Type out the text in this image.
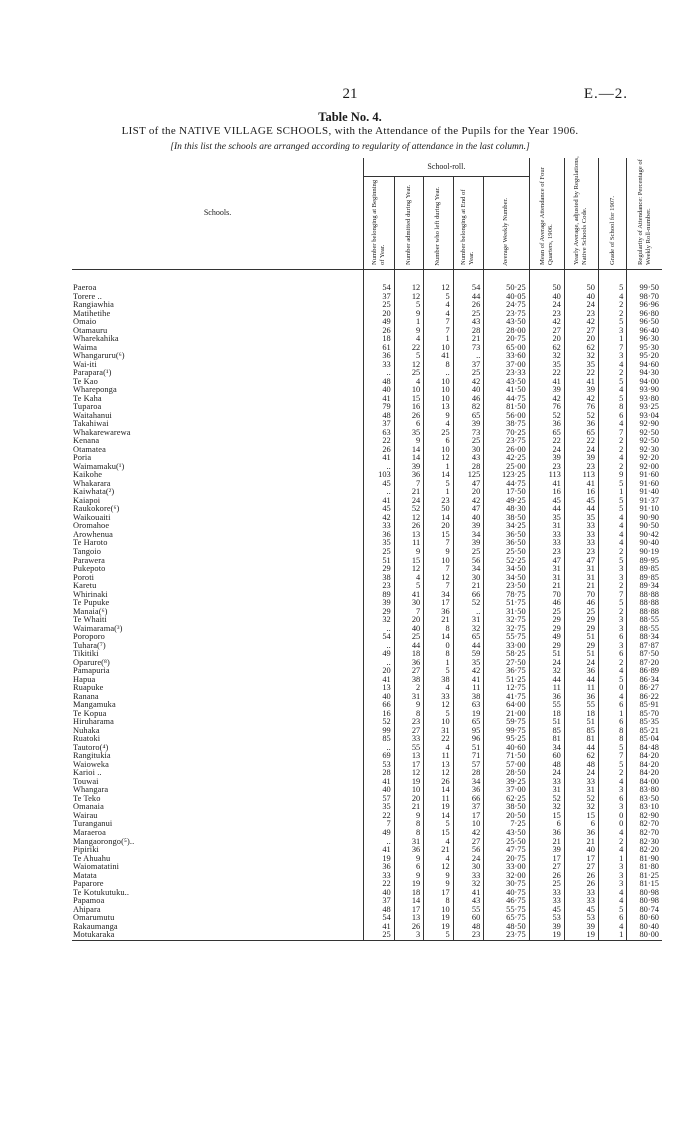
21	E.—2.
Table No. 4.
LIST of the NATIVE VILLAGE SCHOOLS, with the Attendance of the Pupils for the Year 1906.
[In this list the schools are arranged according to regularity of attendance in the last column.]
Schools.	School-roll.					Mean of Average Attendance of Four Quarters, 1906.	Yearly Average, adjusted by Regulations, Native Schools Code.	Grade of School for 1907.	Regularity of Attendance: Percentage of Weekly Roll-number.
	Number belonging at Beginning of Year.	Number admitted during Year.	Number who left during Year.	Number belonging at End of Year.	Average Weekly Number.				

Paeroa	54	12	12	54	50·25	50	50	5	99·50
Torere ..	37	12	5	44	40·05	40	40	4	98·70
Rangiawhia	25	5	4	26	24·75	24	24	2	96·96
Matihetihe	20	9	4	25	23·75	23	23	2	96·80
Omaio	49	1	7	43	43·50	42	42	5	96·50
Otamauru	26	9	7	28	28·00	27	27	3	96·40
Wharekahika	18	4	1	21	20·75	20	20	1	96·30
Waima	61	22	10	73	65·00	62	62	7	95·30
Whangaruru(⁶)	36	5	41	..	33·60	32	32	3	95·20
Wai-iti	33	12	8	37	37·00	35	35	4	94·60
Parapara(¹)	..	25	..	25	23·33	22	22	2	94·30
Te Kao	48	4	10	42	43·50	41	41	5	94·00
Whareponga	40	10	10	40	41·50	39	39	4	93·90
Te Kaha	41	15	10	46	44·75	42	42	5	93·80
Tuparoa	79	16	13	82	81·50	76	76	8	93·25
Waitahanui	48	26	9	65	56·00	52	52	6	93·04
Takahiwai	37	6	4	39	38·75	36	36	4	92·90
Whakarewarewa	63	35	25	73	70·25	65	65	7	92·50
Kenana	22	9	6	25	23·75	22	22	2	92·50
Otamatea	26	14	10	30	26·00	24	24	2	92·30
Poria	41	14	12	43	42·25	39	39	4	92·20
Waimamaku(¹)	..	39	1	28	25·00	23	23	2	92·00
Kaikohe	103	36	14	125	123·25	113	113	9	91·60
Whakarara	45	7	5	47	44·75	41	41	5	91·60
Kaiwhata(²)	..	21	1	20	17·50	16	16	1	91·40
Kaiapoi	41	24	23	42	49·25	45	45	5	91·37
Raukokore(⁶)	45	52	50	47	48·30	44	44	5	91·10
Waikouaiti	42	12	14	40	38·50	35	35	4	90·90
Oromahoe	33	26	20	39	34·25	31	33	4	90·50
Arowhenua	36	13	15	34	36·50	33	33	4	90·42
Te Haroto	35	11	7	39	36·50	33	33	4	90·40
Tangoio	25	9	9	25	25·50	23	23	2	90·19
Parawera	51	15	10	56	52·25	47	47	5	89·95
Pukepoto	29	12	7	34	34·50	31	31	3	89·85
Poroti	38	4	12	30	34·50	31	31	3	89·85
Karetu	23	5	7	21	23·50	21	21	2	89·34
Whirinaki	89	41	34	66	78·75	70	70	7	88·88
Te Pupuke	39	30	17	52	51·75	46	46	5	88·88
Manaia(⁶)	29	7	36	..	31·50	25	25	2	88·88
Te Whaiti	32	20	21	31	32·75	29	29	3	88·55
Waimarama(³)	..	40	8	32	32·75	29	29	3	88·55
Poroporo	54	25	14	65	55·75	49	51	6	88·34
Tuhara(⁷)	..	44	0	44	33·00	29	29	3	87·87
Tikitiki	49	18	8	59	58·25	51	51	6	87·50
Oparure(⁸)	..	36	1	35	27·50	24	24	2	87·20
Pamapuria	20	27	5	42	36·75	32	36	4	86·89
Hapua	41	38	38	41	51·25	44	44	5	86·34
Ruapuke	13	2	4	11	12·75	11	11	0	86·27
Ranana	40	31	33	38	41·75	36	36	4	86·22
Mangamuka	66	9	12	63	64·00	55	55	6	85·91
Te Kopua	16	8	5	19	21·00	18	18	1	85·70
Hiruharama	52	23	10	65	59·75	51	51	6	85·35
Nuhaka	99	27	31	95	99·75	85	85	8	85·21
Ruatoki	85	33	22	96	95·25	81	81	8	85·04
Tautoro(⁴)	..	55	4	51	40·60	34	44	5	84·48
Rangitukia	69	13	11	71	71·50	60	62	7	84·20
Waioweka	53	17	13	57	57·00	48	48	5	84·20
Karioi ..	28	12	12	28	28·50	24	24	2	84·20
Touwai	41	19	26	34	39·25	33	33	4	84·00
Whangara	40	10	14	36	37·00	31	31	3	83·80
Te Teko	57	20	11	66	62·25	52	52	6	83·50
Omanaia	35	21	19	37	38·50	32	32	3	83·10
Wairau	22	9	14	17	20·50	15	15	0	82·90
Turanganui	7	8	5	10	7·25	6	6	0	82·70
Maraeroa	49	8	15	42	43·50	36	36	4	82·70
Mangaorongo(⁵)..	..	31	4	27	25·50	21	21	2	82·30
Pipiriki	41	36	21	56	47·75	39	40	4	82·20
Te Ahuahu	19	9	4	24	20·75	17	17	1	81·90
Waiomatatini	36	6	12	30	33·00	27	27	3	81·80
Matata	33	9	9	33	32·00	26	26	3	81·25
Paparore	22	19	9	32	30·75	25	26	3	81·15
Te Kotukutuku..	40	18	17	41	40·75	33	33	4	80·98
Papamoa	37	14	8	43	46·75	33	33	4	80·98
Ahipara	48	17	10	55	55·75	45	45	5	80·74
Omarumutu	54	13	19	60	65·75	53	53	6	80·60
Rakaumanga	41	26	19	48	48·50	39	39	4	80·40
Motukaraka	25	3	5	23	23·75	19	19	1	80·00
